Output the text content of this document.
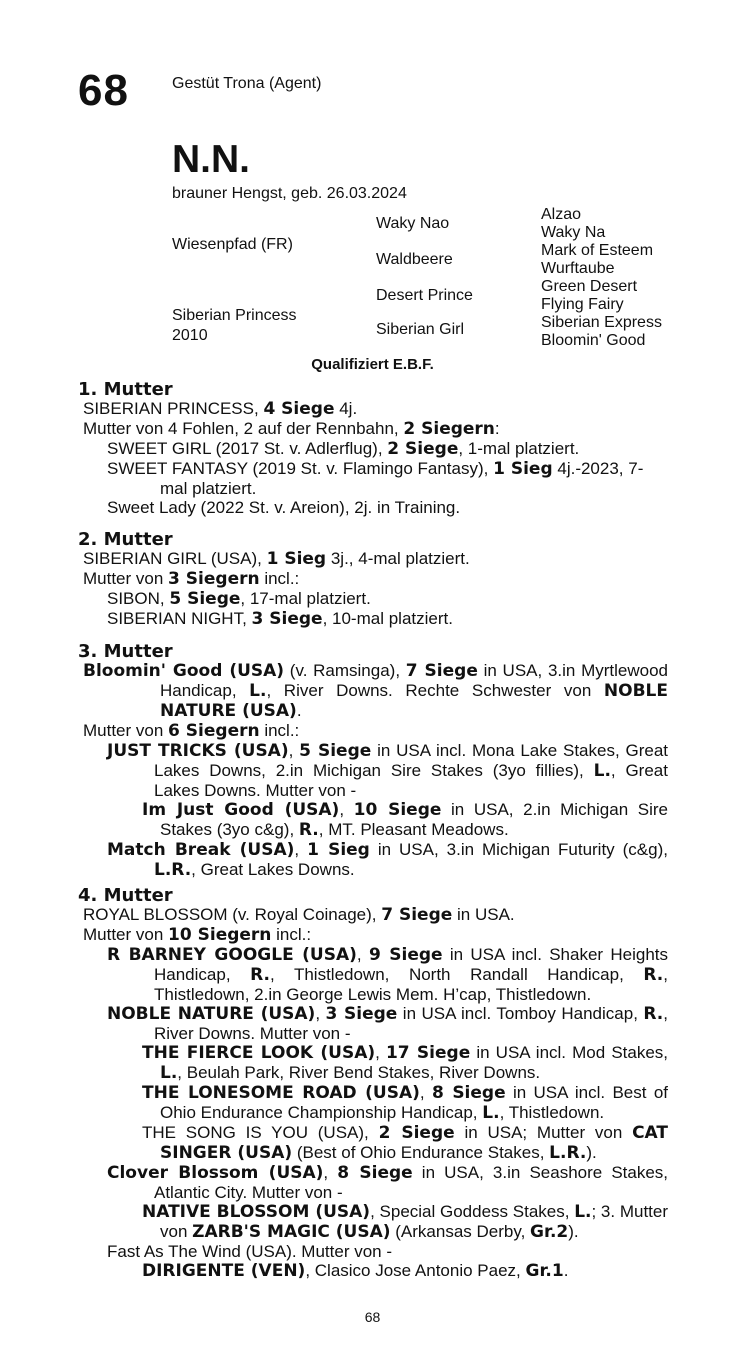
68	Gestüt Trona (Agent)
N.N.
brauner Hengst, geb. 26.03.2024
Wiesenpfad (FR)
Waky Nao
Waldbeere
Alzao
Waky Na
Mark of Esteem
Wurftaube
Siberian Princess
2010
Desert Prince
Siberian Girl
Green Desert
Flying Fairy
Siberian Express
Bloomin' Good
Qualifiziert E.B.F.
1. Mutter

SIBERIAN PRINCESS, 4 Siege 4j.

Mutter von 4 Fohlen, 2 auf der Rennbahn, 2 Siegern:

SWEET GIRL (2017 St. v. Adlerflug), 2 Siege, 1-mal platziert.

SWEET FANTASY (2019 St. v. Flamingo Fantasy), 1 Sieg 4j.-2023, 7-mal platziert.

Sweet Lady (2022 St. v. Areion), 2j. in Training.

2. Mutter

SIBERIAN GIRL (USA), 1 Sieg 3j., 4-mal platziert.

Mutter von 3 Siegern incl.:

SIBON, 5 Siege, 17-mal platziert.

SIBERIAN NIGHT, 3 Siege, 10-mal platziert.

3. Mutter

Bloomin' Good (USA) (v. Ramsinga), 7 Siege in USA, 3.in Myrtlewood Handicap, L., River Downs. Rechte Schwester von NOBLE NATURE (USA).

Mutter von 6 Siegern incl.:

JUST TRICKS (USA), 5 Siege in USA incl. Mona Lake Stakes, Great Lakes Downs, 2.in Michigan Sire Stakes (3yo fillies), L., Great Lakes Downs. Mutter von -

Im Just Good (USA), 10 Siege in USA, 2.in Michigan Sire Stakes (3yo c&g), R., MT. Pleasant Meadows.

Match Break (USA), 1 Sieg in USA, 3.in Michigan Futurity (c&g), L.R., Great Lakes Downs.

4. Mutter

ROYAL BLOSSOM (v. Royal Coinage), 7 Siege in USA.

Mutter von 10 Siegern incl.:

R BARNEY GOOGLE (USA), 9 Siege in USA incl. Shaker Heights Handicap, R., Thistledown, North Randall Handicap, R., Thistledown, 2.in George Lewis Mem. H’cap, Thistledown.

NOBLE NATURE (USA), 3 Siege in USA incl. Tomboy Handicap, R., River Downs. Mutter von -

THE FIERCE LOOK (USA), 17 Siege in USA incl. Mod Stakes, L., Beulah Park, River Bend Stakes, River Downs.

THE LONESOME ROAD (USA), 8 Siege in USA incl. Best of Ohio Endurance Championship Handicap, L., Thistledown.

THE SONG IS YOU (USA), 2 Siege in USA; Mutter von CAT SINGER (USA) (Best of Ohio Endurance Stakes, L.R.).

Clover Blossom (USA), 8 Siege in USA, 3.in Seashore Stakes, Atlantic City. Mutter von -

NATIVE BLOSSOM (USA), Special Goddess Stakes, L.; 3. Mutter von ZARB'S MAGIC (USA) (Arkansas Derby, Gr.2).

Fast As The Wind (USA). Mutter von -

DIRIGENTE (VEN), Clasico Jose Antonio Paez, Gr.1.

68
